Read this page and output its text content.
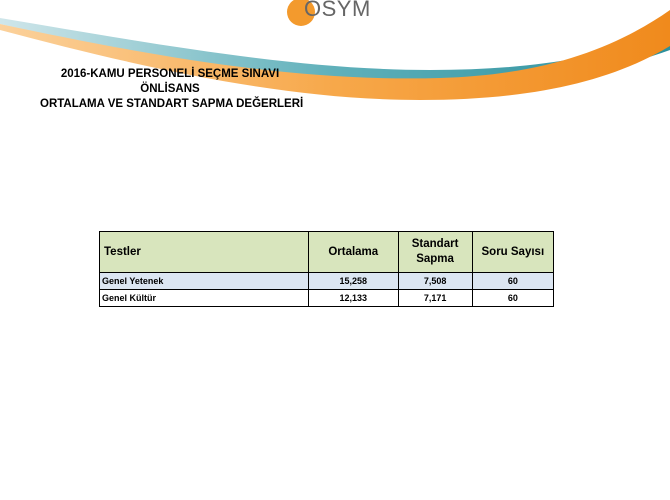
OSYM
2016-KAMU PERSONELİ SEÇME SINAVI
ÖNLİSANS
ORTALAMA VE STANDART SAPMA DEĞERLERİ
Testler	Ortalama	Standart Sapma	Soru Sayısı
Genel Yetenek	15,258	7,508	60
Genel Kültür	12,133	7,171	60
